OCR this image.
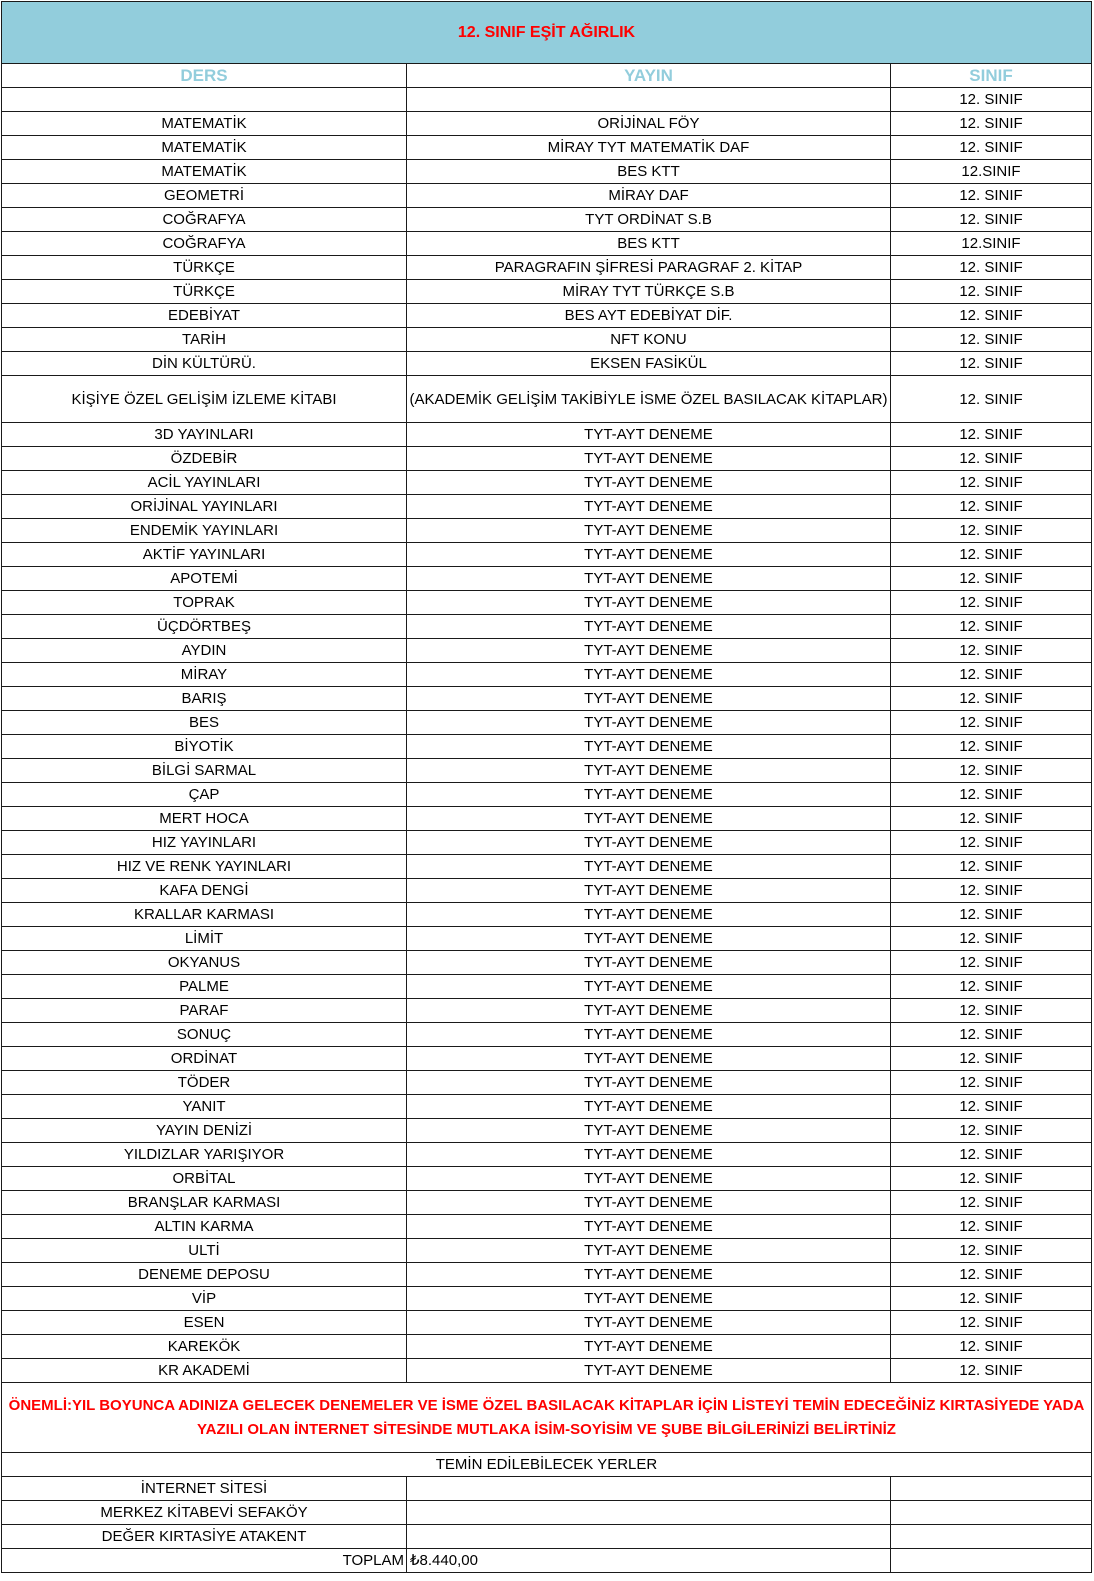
12. SINIF EŞİT AĞIRLIK		
DERS	YAYIN	SINIF
		12. SINIF
MATEMATİK	ORİJİNAL FÖY	12. SINIF
MATEMATİK	MİRAY TYT MATEMATİK DAF	12. SINIF
MATEMATİK	BES KTT	12.SINIF
GEOMETRİ	MİRAY DAF	12. SINIF
COĞRAFYA	TYT ORDİNAT S.B	12. SINIF
COĞRAFYA	BES KTT	12.SINIF
TÜRKÇE	PARAGRAFIN ŞİFRESİ PARAGRAF 2. KİTAP	12. SINIF
TÜRKÇE	MİRAY TYT TÜRKÇE S.B	12. SINIF
EDEBİYAT	BES AYT EDEBİYAT DİF.	12. SINIF
TARİH	NFT KONU	12. SINIF
DİN KÜLTÜRÜ.	EKSEN FASİKÜL	12. SINIF
KİŞİYE ÖZEL GELİŞİM İZLEME KİTABI	(AKADEMİK GELİŞİM TAKİBİYLE İSME ÖZEL BASILACAK KİTAPLAR)	12. SINIF
3D YAYINLARI	TYT-AYT DENEME	12. SINIF
ÖZDEBİR	TYT-AYT DENEME	12. SINIF
ACİL YAYINLARI	TYT-AYT DENEME	12. SINIF
ORİJİNAL YAYINLARI	TYT-AYT DENEME	12. SINIF
ENDEMİK YAYINLARI	TYT-AYT DENEME	12. SINIF
AKTİF YAYINLARI	TYT-AYT DENEME	12. SINIF
APOTEMİ	TYT-AYT DENEME	12. SINIF
TOPRAK	TYT-AYT DENEME	12. SINIF
ÜÇDÖRTBEŞ	TYT-AYT DENEME	12. SINIF
AYDIN	TYT-AYT DENEME	12. SINIF
MİRAY	TYT-AYT DENEME	12. SINIF
BARIŞ	TYT-AYT DENEME	12. SINIF
BES	TYT-AYT DENEME	12. SINIF
BİYOTİK	TYT-AYT DENEME	12. SINIF
BİLGİ SARMAL	TYT-AYT DENEME	12. SINIF
ÇAP	TYT-AYT DENEME	12. SINIF
MERT HOCA	TYT-AYT DENEME	12. SINIF
HIZ YAYINLARI	TYT-AYT DENEME	12. SINIF
HIZ VE RENK YAYINLARI	TYT-AYT DENEME	12. SINIF
KAFA DENGİ	TYT-AYT DENEME	12. SINIF
KRALLAR KARMASI	TYT-AYT DENEME	12. SINIF
LİMİT	TYT-AYT DENEME	12. SINIF
OKYANUS	TYT-AYT DENEME	12. SINIF
PALME	TYT-AYT DENEME	12. SINIF
PARAF	TYT-AYT DENEME	12. SINIF
SONUÇ	TYT-AYT DENEME	12. SINIF
ORDİNAT	TYT-AYT DENEME	12. SINIF
TÖDER	TYT-AYT DENEME	12. SINIF
YANIT	TYT-AYT DENEME	12. SINIF
YAYIN DENİZİ	TYT-AYT DENEME	12. SINIF
YILDIZLAR YARIŞIYOR	TYT-AYT DENEME	12. SINIF
ORBİTAL	TYT-AYT DENEME	12. SINIF
BRANŞLAR KARMASI	TYT-AYT DENEME	12. SINIF
ALTIN KARMA	TYT-AYT DENEME	12. SINIF
ULTİ	TYT-AYT DENEME	12. SINIF
DENEME DEPOSU	TYT-AYT DENEME	12. SINIF
VİP	TYT-AYT DENEME	12. SINIF
ESEN	TYT-AYT DENEME	12. SINIF
KAREKÖK	TYT-AYT DENEME	12. SINIF
KR AKADEMİ	TYT-AYT DENEME	12. SINIF
ÖNEMLİ:YIL BOYUNCA ADINIZA GELECEK DENEMELER VE İSME ÖZEL BASILACAK KİTAPLAR İÇİN LİSTEYİ TEMİN EDECEĞİNİZ KIRTASİYEDE YADA YAZILI OLAN İNTERNET SİTESİNDE MUTLAKA İSİM-SOYİSİM VE ŞUBE BİLGİLERİNİZİ BELİRTİNİZ		
TEMİN EDİLEBİLECEK YERLER		
İNTERNET SİTESİ		
MERKEZ KİTABEVİ SEFAKÖY		
DEĞER KIRTASİYE ATAKENT		
TOPLAM	₺8.440,00	
